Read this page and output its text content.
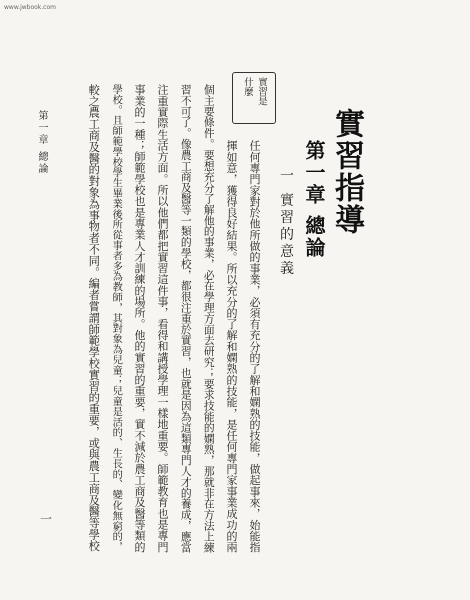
www.jwbook.com
實習指導
第一章 總論
一 實習的意義
實習是
什麼
任何專門家對於他所做的事業，必須有充分的了解和嫻熟的技能，做起事來，始能指
揮如意，獲得良好結果。所以充分的了解和嫻熟的技能，是任何專門家事業成功的兩
個主要條件。要想充分了解他的事業，必在學理方面去研究；要求技能的嫻熟，那就非在方法上練
習不可了。像農工商及醫等一類的學校，都很注重於實習，也就是因為這類專門人才的養成，應當
注重實際生活方面。所以他們都把實習這件事，看得和講授學理一樣地重要。師範教育也是專門
事業的一種；師範學校也是專業人才訓練的場所。他的實習的重要，實不減於農工商及醫等類的
學校。且師範學校學生畢業後所從事者多為教師，其對象為兒童；兒童是活的、生長的、變化無窮的，
較之農工商及醫的對象為事物者不同。編者嘗謂師範學校實習的重要，或與農工商及醫等學校
第一章 總論
一
